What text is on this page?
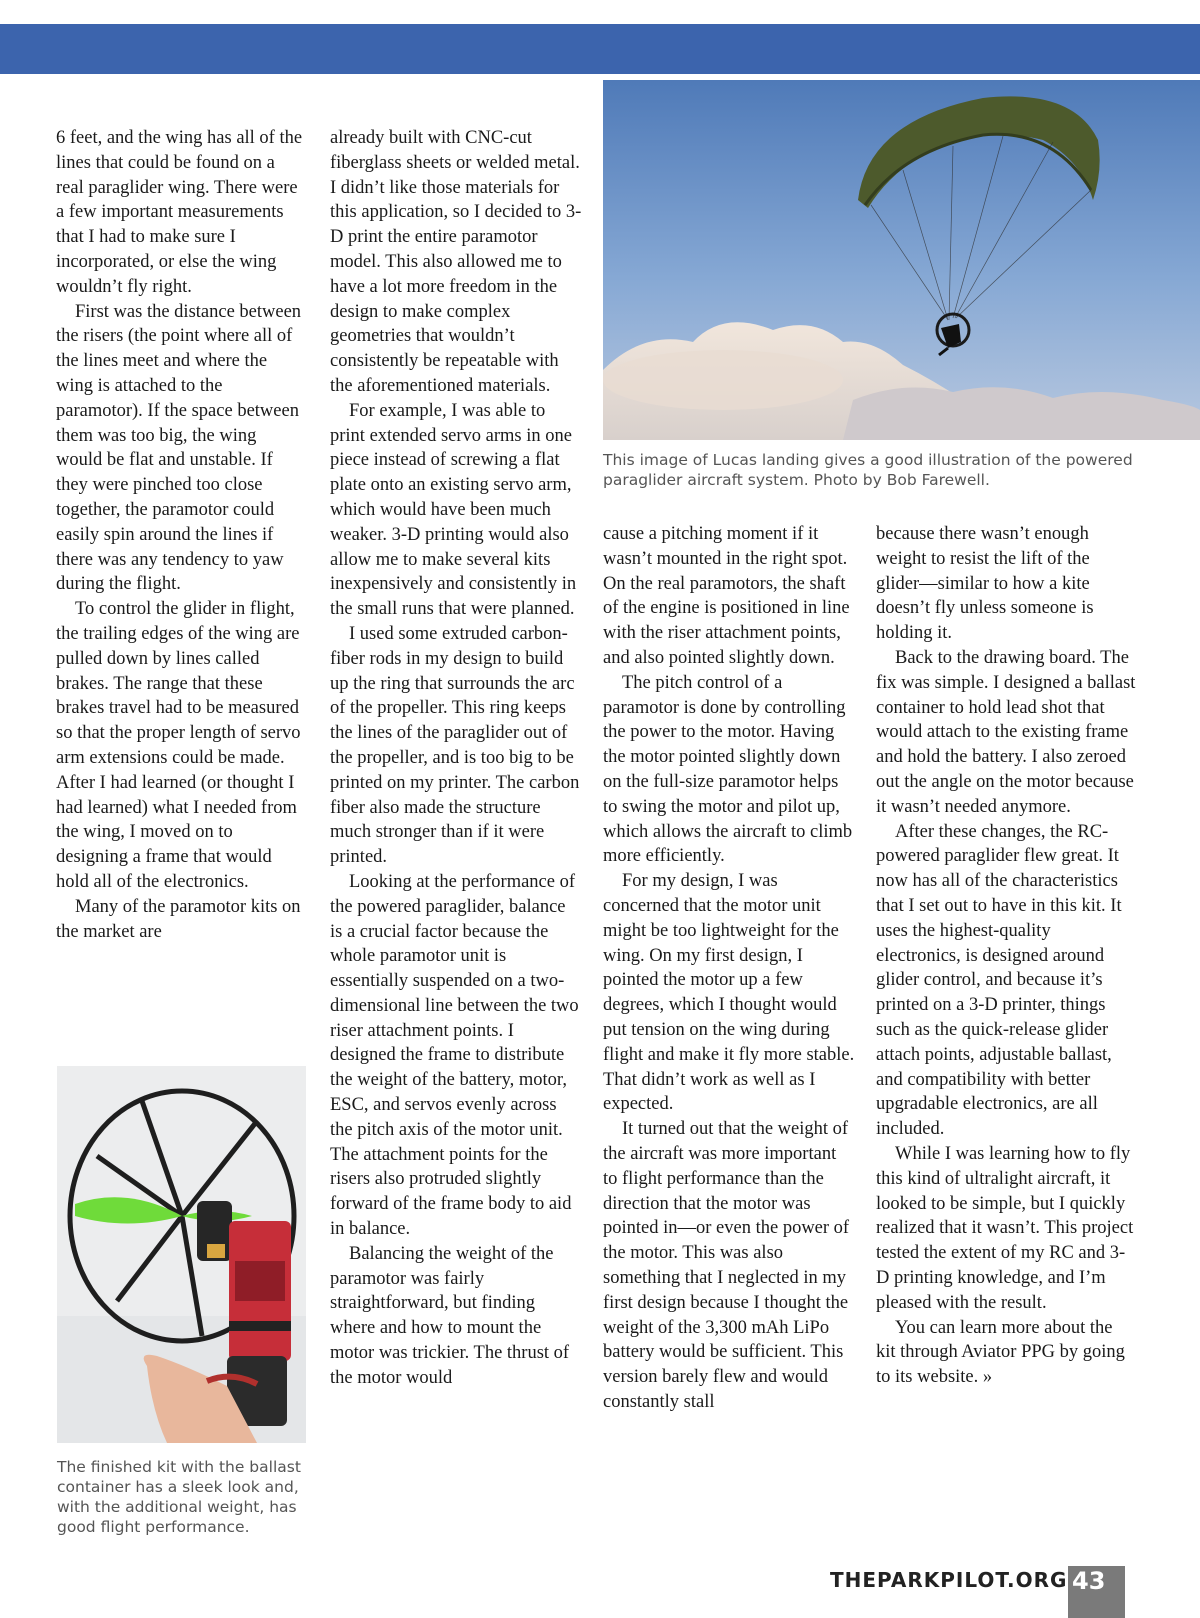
This image of Lucas landing gives a good illustration of the powered paraglider aircraft system. Photo by Bob Farewell.
The finished kit with the ballast container has a sleek look and, with the additional weight, has good flight performance.

6 feet, and the wing has all of the lines that could be found on a real paraglider wing. There were a few important measurements that I had to make sure I incorporated, or else the wing wouldn’t fly right.

First was the distance between the risers (the point where all of the lines meet and where the wing is attached to the paramotor). If the space between them was too big, the wing would be flat and unstable. If they were pinched too close together, the paramotor could easily spin around the lines if there was any tendency to yaw during the flight.

To control the glider in flight, the trailing edges of the wing are pulled down by lines called brakes. The range that these brakes travel had to be measured so that the proper length of servo arm extensions could be made. After I had learned (or thought I had learned) what I needed from the wing, I moved on to designing a frame that would hold all of the electronics.

Many of the paramotor kits on the market are

already built with CNC-cut fiberglass sheets or welded metal. I didn’t like those materials for this application, so I decided to 3-D print the entire paramotor model. This also allowed me to have a lot more freedom in the design to make complex geometries that wouldn’t consistently be repeatable with the aforementioned materials.

For example, I was able to print extended servo arms in one piece instead of screwing a flat plate onto an existing servo arm, which would have been much weaker. 3-D printing would also allow me to make several kits inexpensively and consistently in the small runs that were planned.

I used some extruded carbon-fiber rods in my design to build up the ring that surrounds the arc of the propeller. This ring keeps the lines of the paraglider out of the propeller, and is too big to be printed on my printer. The carbon fiber also made the structure much stronger than if it were printed.

Looking at the performance of the powered paraglider, balance is a crucial factor because the whole paramotor unit is essentially suspended on a two-dimensional line between the two riser attachment points. I designed the frame to distribute the weight of the battery, motor, ESC, and servos evenly across the pitch axis of the motor unit. The attachment points for the risers also protruded slightly forward of the frame body to aid in balance.

Balancing the weight of the paramotor was fairly straightforward, but finding where and how to mount the motor was trickier. The thrust of the motor would

cause a pitching moment if it wasn’t mounted in the right spot. On the real paramotors, the shaft of the engine is positioned in line with the riser attachment points, and also pointed slightly down.

The pitch control of a paramotor is done by controlling the power to the motor. Having the motor pointed slightly down on the full-size paramotor helps to swing the motor and pilot up, which allows the aircraft to climb more efficiently.

For my design, I was concerned that the motor unit might be too lightweight for the wing. On my first design, I pointed the motor up a few degrees, which I thought would put tension on the wing during flight and make it fly more stable. That didn’t work as well as I expected.

It turned out that the weight of the aircraft was more important to flight performance than the direction that the motor was pointed in—or even the power of the motor. This was also something that I neglected in my first design because I thought the weight of the 3,300 mAh LiPo battery would be sufficient. This version barely flew and would constantly stall

because there wasn’t enough weight to resist the lift of the glider—similar to how a kite doesn’t fly unless someone is holding it.

Back to the drawing board. The fix was simple. I designed a ballast container to hold lead shot that would attach to the existing frame and hold the battery. I also zeroed out the angle on the motor because it wasn’t needed anymore.

After these changes, the RC-powered paraglider flew great. It now has all of the characteristics that I set out to have in this kit. It uses the highest-quality electronics, is designed around glider control, and because it’s printed on a 3-D printer, things such as the quick-release glider attach points, adjustable ballast, and compatibility with better upgradable electronics, are all included.

While I was learning how to fly this kind of ultralight aircraft, it looked to be simple, but I quickly realized that it wasn’t. This project tested the extent of my RC and 3-D printing knowledge, and I’m pleased with the result.

You can learn more about the kit through Aviator PPG by going to its website. »

THEPARKPILOT.ORG 43
